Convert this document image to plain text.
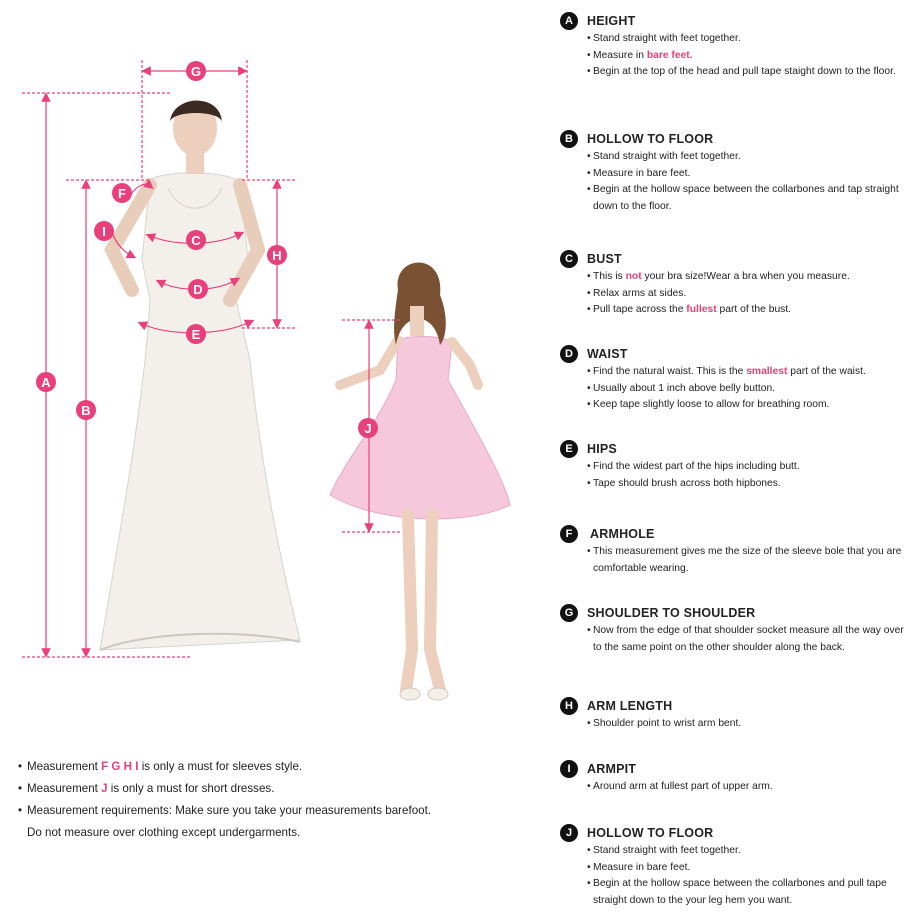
A
B
C
D
E
F
G
H
I
J
A	HEIGHT
• Stand straight with feet together.
• Measure in bare feet.
• Begin at the top of the head and pull tape staight down to the floor.
B	HOLLOW TO FLOOR
• Stand straight with feet together.
• Measure in bare feet.
• Begin at the hollow space between the collarbones and tap straight down to the floor.
C	BUST
• This is not your bra size!Wear a bra when you measure.
• Relax arms at sides.
• Pull tape across the fullest part of the bust.
D	WAIST
• Find the natural waist. This is the smallest part of the waist.
• Usually about 1 inch above belly button.
• Keep tape slightly loose to allow for breathing room.
E	HIPS
• Find the widest part of the hips including butt.
• Tape should brush across both hipbones.
F	ARMHOLE
• This measurement gives me the size of the sleeve bole that you are comfortable wearing.
G	SHOULDER TO SHOULDER
• Now from the edge of that shoulder socket measure all the way over to the same point on the other shoulder along the back.
H	ARM LENGTH
• Shoulder point to wrist arm bent.
I	ARMPIT
• Around arm at fullest part of upper arm.
J	HOLLOW TO FLOOR
• Stand straight with feet together.
• Measure in bare feet.
• Begin at the hollow space between the collarbones and pull tape straight down to the your leg hem you want.
• Measurement F G H I is only a must for sleeves style.
• Measurement J is only a must for short dresses.
• Measurement requirements: Make sure you take your measurements barefoot.
Do not measure over clothing except undergarments.
